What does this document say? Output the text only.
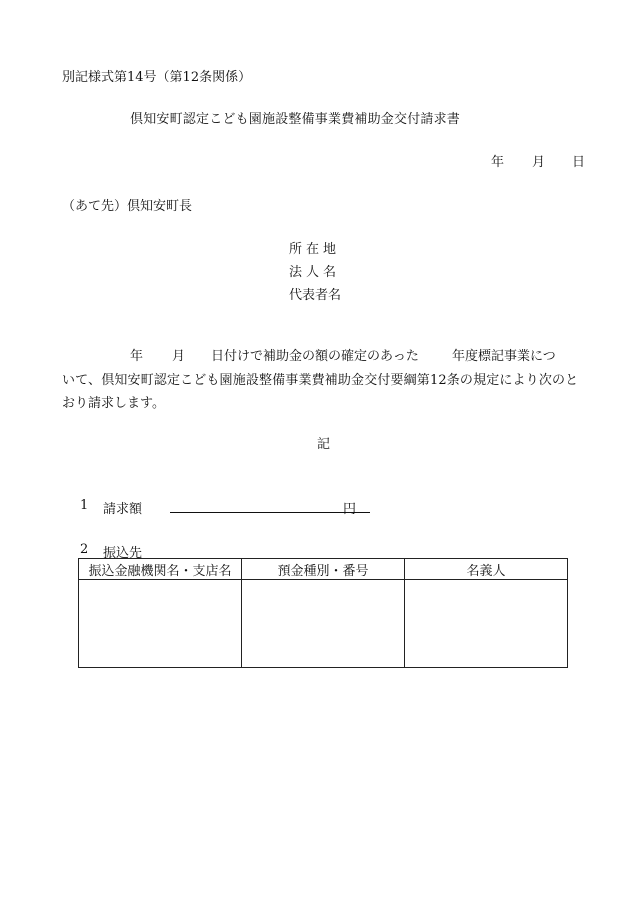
別記様式第14号（第12条関係）
倶知安町認定こども園施設整備事業費補助金交付請求書
年 月 日
（あて先）倶知安町長
所在地
法人名
代表者名
年 月 日付けで補助金の額の確定のあった	年度標記事業につ
いて、倶知安町認定こども園施設整備事業費補助金交付要綱第12条の規定により次のと
おり請求します。
記
1 請求額	円
2 振込先
振込金融機関名・支店名	預金種別・番号	名義人
